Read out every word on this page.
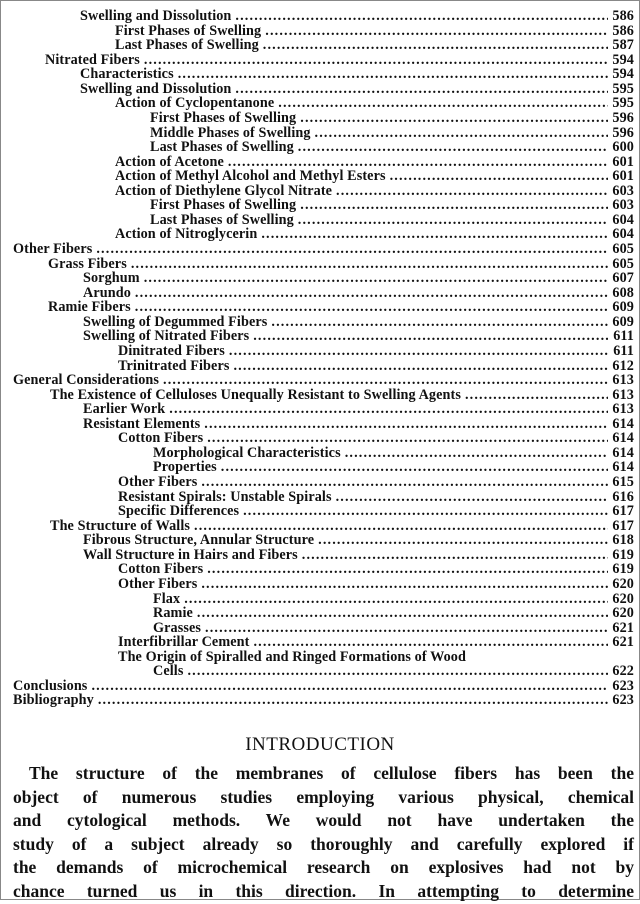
Swelling and Dissolution . . .	586
First Phases of Swelling . . .	586
Last Phases of Swelling . . .	587
Nitrated Fibers . . .	594
Characteristics . . .	594
Swelling and Dissolution . . .	595
Action of Cyclopentanone . . .	595
First Phases of Swelling . . .	596
Middle Phases of Swelling . . .	596
Last Phases of Swelling . . .	600
Action of Acetone . . .	601
Action of Methyl Alcohol and Methyl Esters . . .	601
Action of Diethylene Glycol Nitrate . . .	603
First Phases of Swelling . . .	603
Last Phases of Swelling . . .	604
Action of Nitroglycerin . . .	604
Other Fibers . . .	605
Grass Fibers . . .	605
Sorghum . . .	607
Arundo . . .	608
Ramie Fibers . . .	609
Swelling of Degummed Fibers . . .	609
Swelling of Nitrated Fibers . . .	611
Dinitrated Fibers . . .	611
Trinitrated Fibers . . .	612
General Considerations . . .	613
The Existence of Celluloses Unequally Resistant to Swelling Agents . . .	613
Earlier Work . . .	613
Resistant Elements . . .	614
Cotton Fibers . . .	614
Morphological Characteristics . . .	614
Properties . . .	614
Other Fibers . . .	615
Resistant Spirals: Unstable Spirals . . .	616
Specific Differences . . .	617
The Structure of Walls . . .	617
Fibrous Structure, Annular Structure . . .	618
Wall Structure in Hairs and Fibers . . .	619
Cotton Fibers . . .	619
Other Fibers . . .	620
Flax . . .	620
Ramie . . .	620
Grasses . . .	621
Interfibrillar Cement . . .	621
The Origin of Spiralled and Ringed Formations of Wood
Cells . . .	622
Conclusions . . .	623
Bibliography . . .	623
INTRODUCTION
The structure of the membranes of cellulose fibers has been the
object of numerous studies employing various physical, chemical
and cytological methods. We would not have undertaken the
study of a subject already so thoroughly and carefully explored if
the demands of microchemical research on explosives had not by
chance turned us in this direction. In attempting to determine
